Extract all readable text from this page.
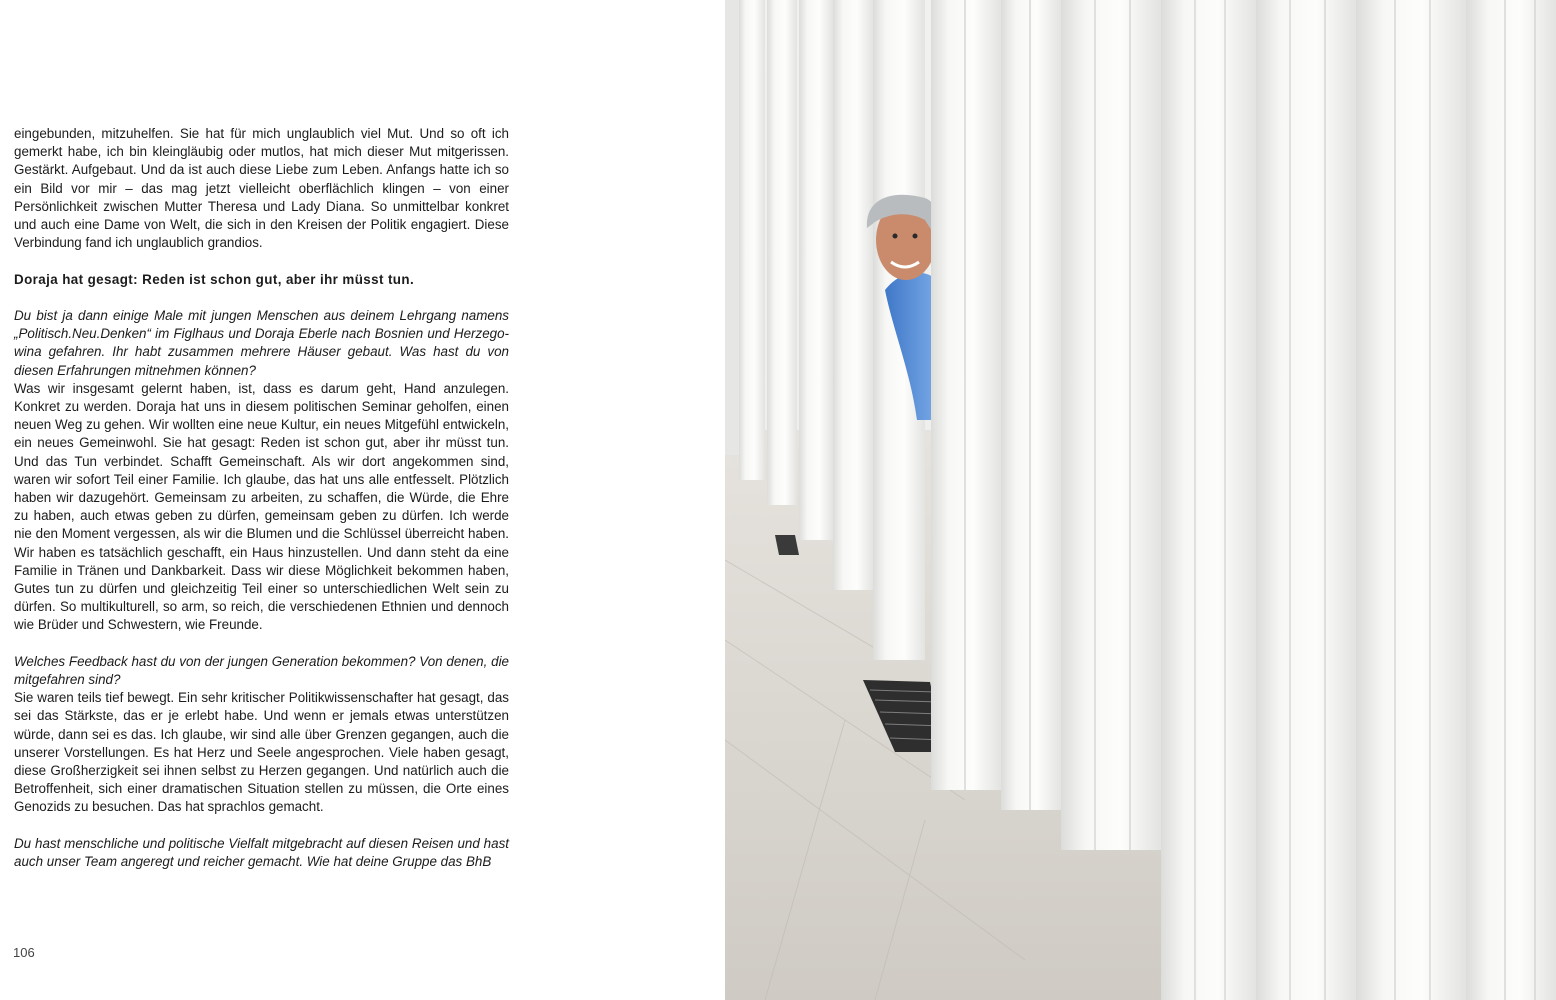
eingebunden, mitzuhelfen. Sie hat für mich unglaublich viel Mut. Und so oft ich gemerkt habe, ich bin kleingläubig oder mutlos, hat mich dieser Mut mitgerissen. Gestärkt. Aufgebaut. Und da ist auch diese Liebe zum Leben. Anfangs hatte ich so ein Bild vor mir – das mag jetzt vielleicht oberflächlich klingen – von einer Persönlichkeit zwischen Mutter Theresa und Lady Diana. So unmittelbar konkret und auch eine Dame von Welt, die sich in den Kreisen der Politik engagiert. Diese Verbindung fand ich unglaublich grandios.

Doraja hat gesagt: Reden ist schon gut, aber ihr müsst tun.

Du bist ja dann einige Male mit jungen Menschen aus deinem Lehrgang namens „Politisch.Neu.Denken“ im Figlhaus und Doraja Eberle nach Bosnien und Herzegowina gefahren. Ihr habt zusammen mehrere Häuser gebaut. Was hast du von diesen Erfahrungen mitnehmen können?

Was wir insgesamt gelernt haben, ist, dass es darum geht, Hand anzulegen. Konkret zu werden. Doraja hat uns in diesem politischen Seminar geholfen, einen neuen Weg zu gehen. Wir wollten eine neue Kultur, ein neues Mitgefühl entwickeln, ein neues Gemeinwohl. Sie hat gesagt: Reden ist schon gut, aber ihr müsst tun. Und das Tun verbindet. Schafft Gemeinschaft. Als wir dort angekommen sind, waren wir sofort Teil einer Familie. Ich glaube, das hat uns alle entfesselt. Plötzlich haben wir dazugehört. Gemeinsam zu arbeiten, zu schaffen, die Würde, die Ehre zu haben, auch etwas geben zu dürfen, gemeinsam geben zu dürfen. Ich werde nie den Moment vergessen, als wir die Blumen und die Schlüssel überreicht haben. Wir haben es tatsächlich geschafft, ein Haus hinzustellen. Und dann steht da eine Familie in Tränen und Dankbarkeit. Dass wir diese Möglichkeit bekommen haben, Gutes tun zu dürfen und gleichzeitig Teil einer so unterschiedlichen Welt sein zu dürfen. So multikulturell, so arm, so reich, die verschiedenen Ethnien und dennoch wie Brüder und Schwestern, wie Freunde.

Welches Feedback hast du von der jungen Generation bekommen? Von denen, die mitgefahren sind?

Sie waren teils tief bewegt. Ein sehr kritischer Politikwissenschafter hat gesagt, das sei das Stärkste, das er je erlebt habe. Und wenn er jemals etwas unterstützen würde, dann sei es das. Ich glaube, wir sind alle über Grenzen gegangen, auch die unserer Vorstellungen. Es hat Herz und Seele angesprochen. Viele haben gesagt, diese Großherzigkeit sei ihnen selbst zu Herzen gegangen. Und natürlich auch die Betroffenheit, sich einer dramatischen Situation stellen zu müssen, die Orte eines Genozids zu besuchen. Das hat sprachlos gemacht.

Du hast menschliche und politische Vielfalt mitgebracht auf diesen Reisen und hast auch unser Team angeregt und reicher gemacht. Wie hat deine Gruppe das BhB

106
